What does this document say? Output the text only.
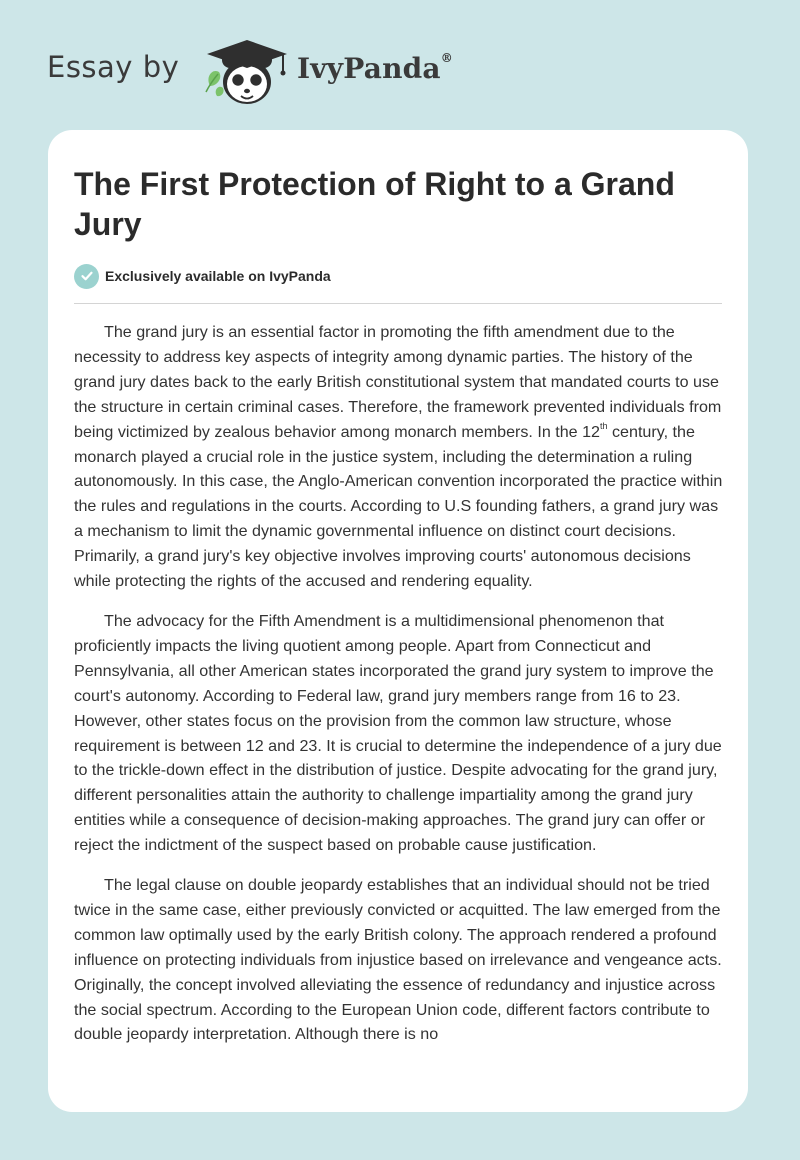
Essay by	IvyPanda®
The First Protection of Right to a Grand Jury
Exclusively available on IvyPanda

The grand jury is an essential factor in promoting the fifth amendment due to the necessity to address key aspects of integrity among dynamic parties. The history of the grand jury dates back to the early British constitutional system that mandated courts to use the structure in certain criminal cases. Therefore, the framework prevented individuals from being victimized by zealous behavior among monarch members. In the 12th century, the monarch played a crucial role in the justice system, including the determination a ruling autonomously. In this case, the Anglo-American convention incorporated the practice within the rules and regulations in the courts. According to U.S founding fathers, a grand jury was a mechanism to limit the dynamic governmental influence on distinct court decisions. Primarily, a grand jury's key objective involves improving courts' autonomous decisions while protecting the rights of the accused and rendering equality.

The advocacy for the Fifth Amendment is a multidimensional phenomenon that proficiently impacts the living quotient among people. Apart from Connecticut and Pennsylvania, all other American states incorporated the grand jury system to improve the court's autonomy. According to Federal law, grand jury members range from 16 to 23. However, other states focus on the provision from the common law structure, whose requirement is between 12 and 23. It is crucial to determine the independence of a jury due to the trickle-down effect in the distribution of justice. Despite advocating for the grand jury, different personalities attain the authority to challenge impartiality among the grand jury entities while a consequence of decision-making approaches. The grand jury can offer or reject the indictment of the suspect based on probable cause justification.

The legal clause on double jeopardy establishes that an individual should not be tried twice in the same case, either previously convicted or acquitted. The law emerged from the common law optimally used by the early British colony. The approach rendered a profound influence on protecting individuals from injustice based on irrelevance and vengeance acts. Originally, the concept involved alleviating the essence of redundancy and injustice across the social spectrum. According to the European Union code, different factors contribute to double jeopardy interpretation. Although there is no
